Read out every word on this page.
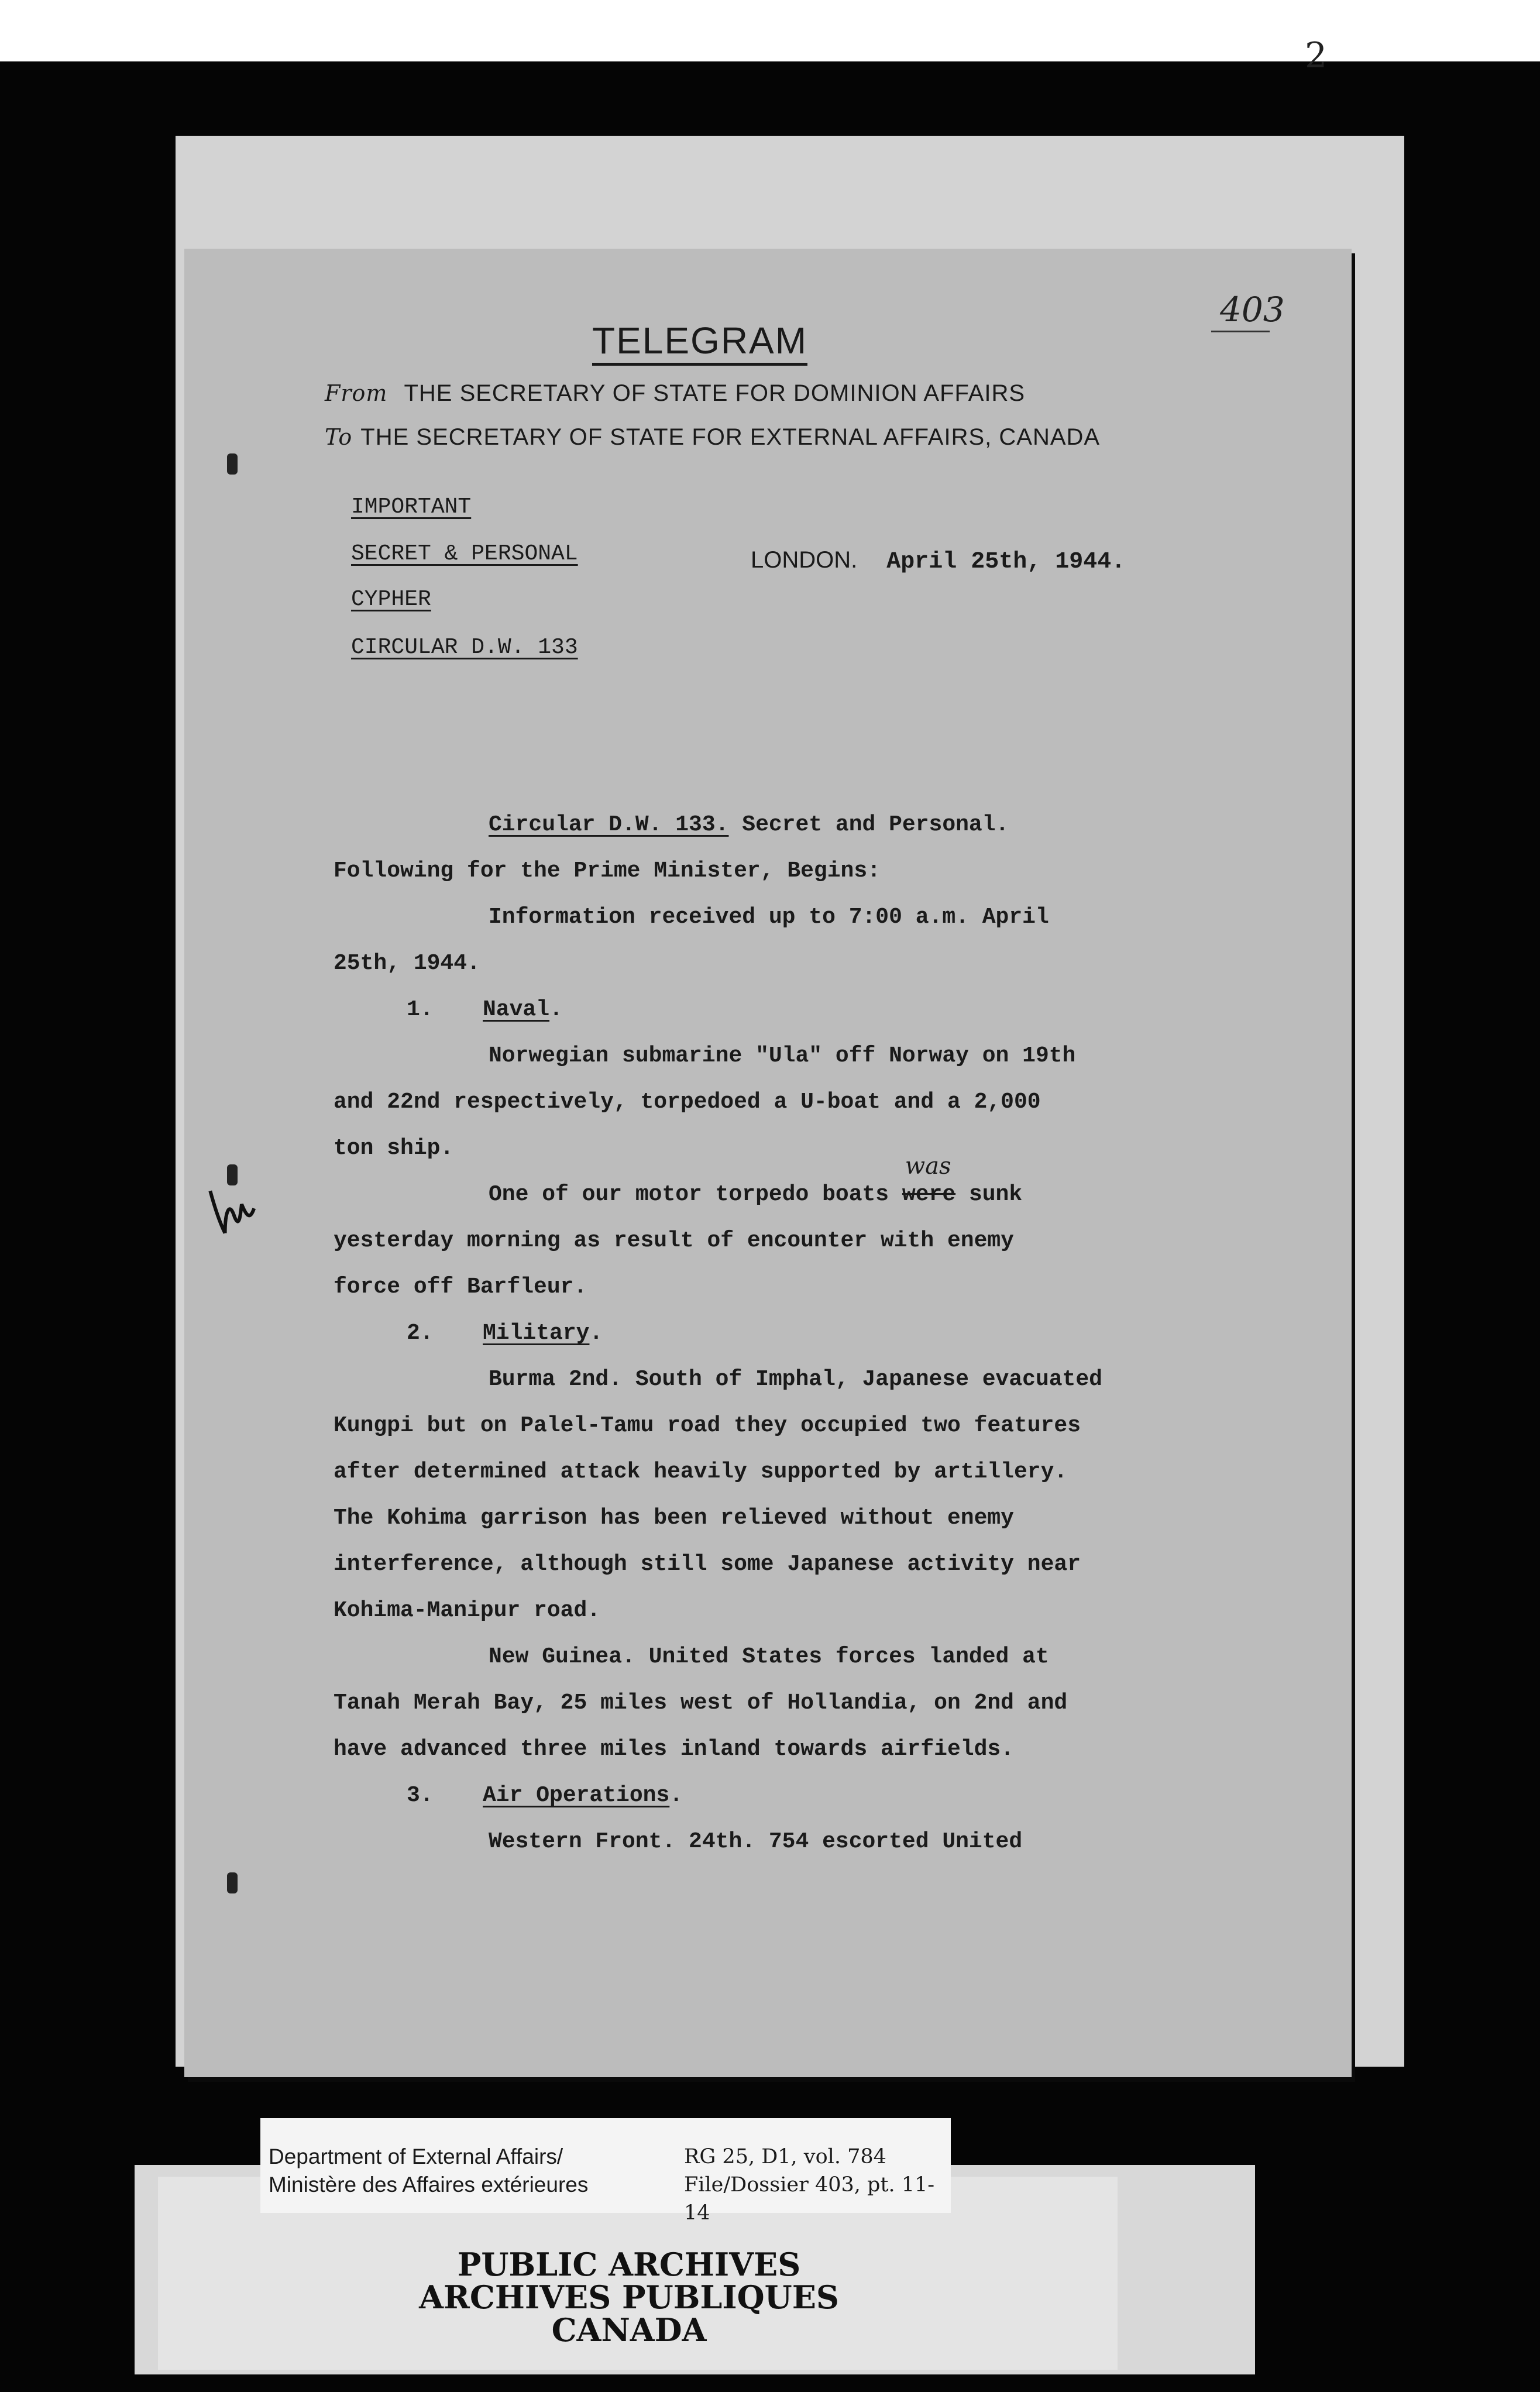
2
403
TELEGRAM
From THE SECRETARY OF STATE FOR DOMINION AFFAIRS
To THE SECRETARY OF STATE FOR EXTERNAL AFFAIRS, CANADA
IMPORTANT
SECRET & PERSONAL
CYPHER
CIRCULAR D.W. 133
LONDON. April 25th, 1944.

Circular D.W. 133. Secret and Personal.

Following for the Prime Minister, Begins:

Information received up to 7:00 a.m. April

25th, 1944.

1. Naval.

Norwegian submarine "Ula" off Norway on 19th

and 22nd respectively, torpedoed a U-boat and a 2,000

ton ship.

One of our motor torpedo boats
was
were sunk

yesterday morning as result of encounter with enemy

force off Barfleur.

2. Military.

Burma 2nd. South of Imphal, Japanese evacuated

Kungpi but on Palel-Tamu road they occupied two features

after determined attack heavily supported by artillery.

The Kohima garrison has been relieved without enemy

interference, although still some Japanese activity near

Kohima-Manipur road.

New Guinea. United States forces landed at

Tanah Merah Bay, 25 miles west of Hollandia, on 2nd and

have advanced three miles inland towards airfields.

3. Air Operations.

Western Front. 24th. 754 escorted United

Department of External Affairs/
Ministère des Affaires extérieures
RG 25, D1, vol. 784
File/Dossier 403, pt. 11-14
PUBLIC ARCHIVES
ARCHIVES PUBLIQUES
CANADA
